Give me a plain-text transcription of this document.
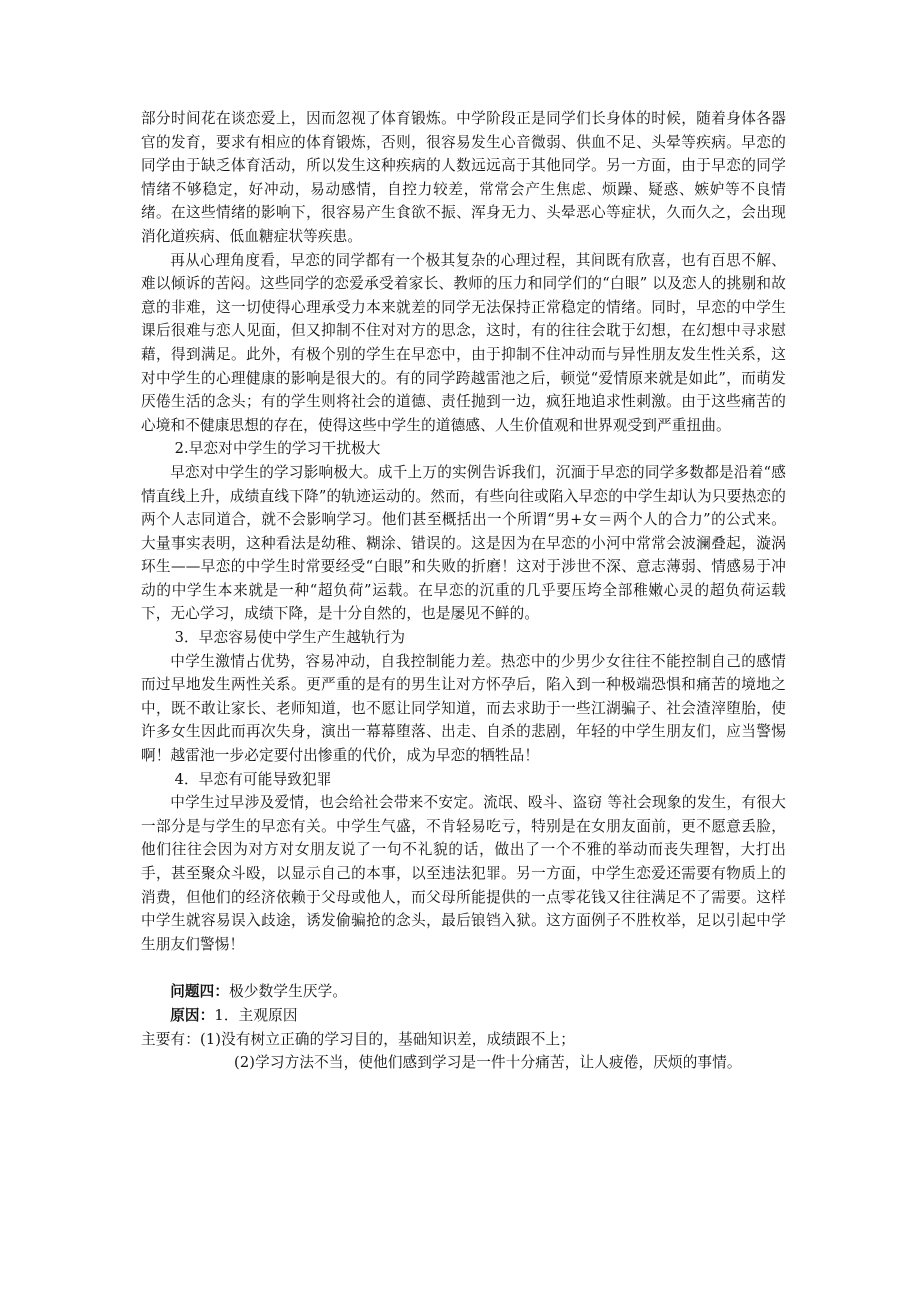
部分时间花在谈恋爱上，因而忽视了体育锻炼。中学阶段正是同学们长身体的时候，随着身体各器官的发育，要求有相应的体育锻炼，否则，很容易发生心音微弱、供血不足、头晕等疾病。早恋的同学由于缺乏体育活动，所以发生这种疾病的人数远远高于其他同学。另一方面，由于早恋的同学情绪不够稳定，好冲动，易动感情，自控力较差，常常会产生焦虑、烦躁、疑惑、嫉妒等不良情绪。在这些情绪的影响下，很容易产生食欲不振、浑身无力、头晕恶心等症状，久而久之，会出现消化道疾病、低血糖症状等疾患。

再从心理角度看，早恋的同学都有一个极其复杂的心理过程，其间既有欣喜，也有百思不解、难以倾诉的苦闷。这些同学的恋爱承受着家长、教师的压力和同学们的“白眼” 以及恋人的挑剔和故意的非难，这一切使得心理承受力本来就差的同学无法保持正常稳定的情绪。同时，早恋的中学生课后很难与恋人见面，但又抑制不住对对方的思念，这时，有的往往会耽于幻想，在幻想中寻求慰藉，得到满足。此外，有极个别的学生在早恋中，由于抑制不住冲动而与异性朋友发生性关系，这对中学生的心理健康的影响是很大的。有的同学跨越雷池之后，顿觉“爱情原来就是如此”，而萌发厌倦生活的念头；有的学生则将社会的道德、责任抛到一边，疯狂地追求性刺激。由于这些痛苦的心境和不健康思想的存在，使得这些中学生的道德感、人生价值观和世界观受到严重扭曲。

2.早恋对中学生的学习干扰极大

早恋对中学生的学习影响极大。成千上万的实例告诉我们，沉湎于早恋的同学多数都是沿着“感情直线上升，成绩直线下降”的轨迹运动的。然而，有些向往或陷入早恋的中学生却认为只要热恋的两个人志同道合，就不会影响学习。他们甚至概括出一个所谓“男+女＝两个人的合力”的公式来。大量事实表明，这种看法是幼稚、糊涂、错误的。这是因为在早恋的小河中常常会波澜叠起，漩涡环生——早恋的中学生时常要经受“白眼”和失败的折磨！这对于涉世不深、意志薄弱、情感易于冲动的中学生本来就是一种“超负荷”运载。在早恋的沉重的几乎要压垮全部稚嫩心灵的超负荷运载下，无心学习，成绩下降，是十分自然的，也是屡见不鲜的。

3．早恋容易使中学生产生越轨行为

中学生激情占优势，容易冲动，自我控制能力差。热恋中的少男少女往往不能控制自己的感情而过早地发生两性关系。更严重的是有的男生让对方怀孕后，陷入到一种极端恐惧和痛苦的境地之中，既不敢让家长、老师知道，也不愿让同学知道，而去求助于一些江湖骗子、社会渣滓堕胎，使许多女生因此而再次失身，演出一幕幕堕落、出走、自杀的悲剧，年轻的中学生朋友们，应当警惕啊！越雷池一步必定要付出惨重的代价，成为早恋的牺牲品！

4．早恋有可能导致犯罪

中学生过早涉及爱情，也会给社会带来不安定。流氓、殴斗、盗窃 等社会现象的发生，有很大一部分是与学生的早恋有关。中学生气盛，不肯轻易吃亏，特别是在女朋友面前，更不愿意丢脸，他们往往会因为对方对女朋友说了一句不礼貌的话，做出了一个不雅的举动而丧失理智，大打出手，甚至聚众斗殴，以显示自己的本事，以至违法犯罪。另一方面，中学生恋爱还需要有物质上的消费，但他们的经济依赖于父母或他人，而父母所能提供的一点零花钱又往往满足不了需要。这样中学生就容易误入歧途，诱发偷骗抢的念头，最后锒铛入狱。这方面例子不胜枚举，足以引起中学生朋友们警惕！

问题四：极少数学生厌学。

原因：1．主观原因

主要有： (1)没有树立正确的学习目的，基础知识差，成绩跟不上；

(2)学习方法不当，使他们感到学习是一件十分痛苦，让人疲倦，厌烦的事情。
